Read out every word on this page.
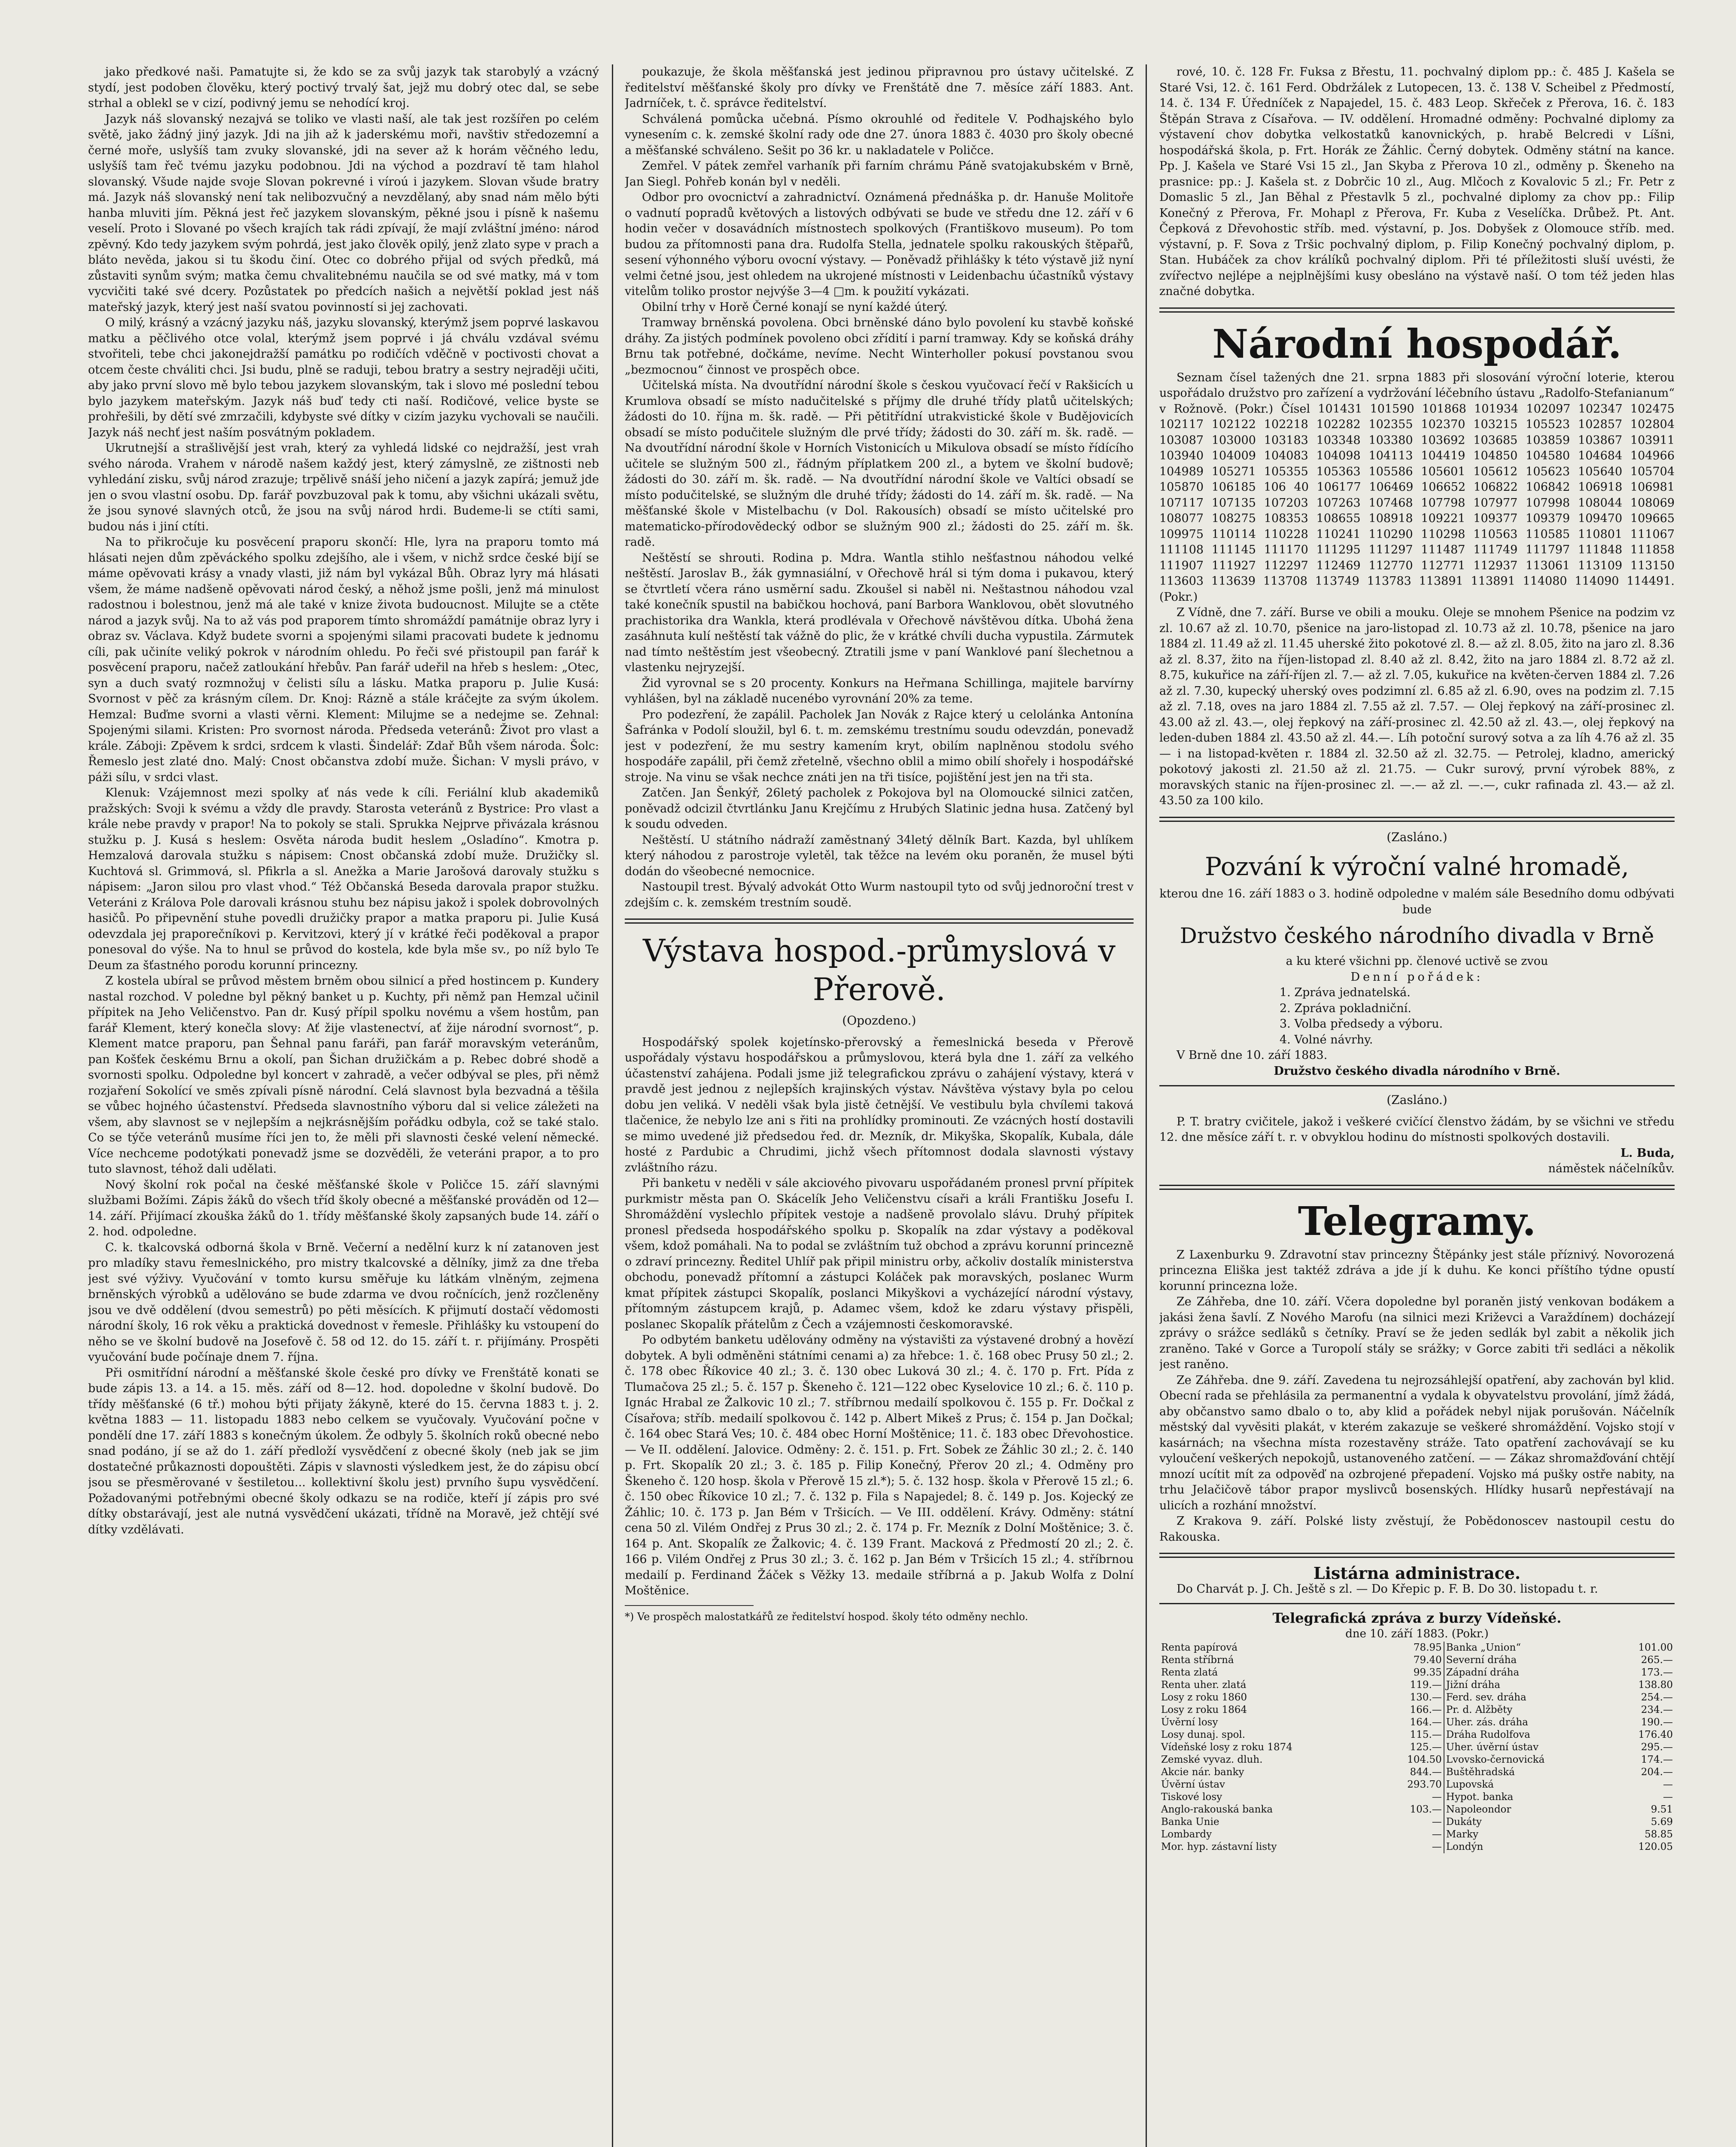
jako předkové naši. Pamatujte si, že kdo se za svůj jazyk tak starobylý a vzácný stydí, jest podoben člověku, který poctivý trvalý šat, jejž mu dobrý otec dal, se sebe strhal a oblekl se v cizí, podivný jemu se nehodící kroj.

Jazyk náš slovanský nezajvá se toliko ve vlasti naší, ale tak jest rozšířen po celém světě, jako žádný jiný jazyk. Jdi na jih až k jaderskému moři, navštiv středozemní a černé moře, uslyšíš tam zvuky slovanské, jdi na sever až k horám věčného ledu, uslyšíš tam řeč tvému jazyku podobnou. Jdi na východ a pozdraví tě tam hlahol slovanský. Všude najde svoje Slovan pokrevné i víroú i jazykem. Slovan všude bratry má. Jazyk náš slovanský není tak nelibozvučný a nevzdělaný, aby snad nám mělo býti hanba mluviti jím. Pěkná jest řeč jazykem slovanským, pěkné jsou i písně k našemu veselí. Proto i Slované po všech krajích tak rádi zpívají, že mají zvláštní jméno: národ zpěvný. Kdo tedy jazykem svým pohrdá, jest jako člověk opilý, jenž zlato sype v prach a bláto nevěda, jakou si tu škodu činí. Otec co dobrého přijal od svých předků, má zůstaviti synům svým; matka čemu chvalitebnému naučila se od své matky, má v tom vycvičiti také své dcery. Pozůstatek po předcích našich a největší poklad jest náš mateřský jazyk, který jest naší svatou povinností si jej zachovati.

O milý, krásný a vzácný jazyku náš, jazyku slovanský, kterýmž jsem poprvé laskavou matku a pěčlivého otce volal, kterýmž jsem poprvé i já chválu vzdával svému stvořiteli, tebe chci jakonejdražší památku po rodičích vděčně v poctivosti chovat a otcem česte chváliti chci. Jsi budu, plně se raduji, tebou bratry a sestry nejraději učiti, aby jako první slovo mě bylo tebou jazykem slovanským, tak i slovo mé poslední tebou bylo jazykem mateřským. Jazyk náš buď tedy cti naší. Rodičové, velice byste se prohřešili, by dětí své zmrzačili, kdybyste své dítky v cizím jazyku vychovali se naučili. Jazyk náš nechť jest naším posvátným pokladem.

Ukrutnejší a strašlivější jest vrah, který za vyhledá lidské co nejdražší, jest vrah svého národa. Vrahem v národě našem každý jest, který zámyslně, ze zištnosti neb vyhledání zisku, svůj národ zrazuje; trpělivě snáší jeho ničení a jazyk zapírá; jemuž jde jen o svou vlastní osobu. Dp. farář povzbuzoval pak k tomu, aby všichni ukázali světu, že jsou synové slavných otců, že jsou na svůj národ hrdi. Budeme-li se ctíti sami, budou nás i jiní ctíti.

Na to přikročuje ku posvěcení praporu skončí: Hle, lyra na praporu tomto má hlásati nejen dům zpěváckého spolku zdejšího, ale i všem, v nichž srdce české bijí se máme opěvovati krásy a vnady vlasti, již nám byl vykázal Bůh. Obraz lyry má hlásati všem, že máme nadšeně opěvovati národ český, a něhož jsme pošli, jenž má minulost radostnou i bolestnou, jenž má ale také v knize života budoucnost. Milujte se a ctěte národ a jazyk svůj. Na to až vás pod praporem tímto shromáždí památnije obraz lyry i obraz sv. Václava. Když budete svorni a spojenými silami pracovati budete k jednomu cíli, pak učiníte veliký pokrok v národním ohledu. Po řeči své přistoupil pan farář k posvěcení praporu, načež zatloukání hřebův. Pan farář udeřil na hřeb s heslem: „Otec, syn a duch svatý rozmnožuj v čelisti sílu a lásku. Matka praporu p. Julie Kusá: Svornost v pěč za krásným cílem. Dr. Knoj: Rázně a stále kráčejte za svým úkolem. Hemzal: Buďme svorni a vlasti věrni. Klement: Milujme se a nedejme se. Zehnal: Spojenými silami. Kristen: Pro svornost národa. Předseda veteránů: Život pro vlast a krále. Záboji: Zpěvem k srdci, srdcem k vlasti. Šindelář: Zdař Bůh všem národa. Šolc: Řemeslo jest zlaté dno. Malý: Cnost občanstva zdobí muže. Šichan: V mysli právo, v páži sílu, v srdci vlast.

Klenuk: Vzájemnost mezi spolky ať nás vede k cíli. Feriální klub akademiků pražských: Svoji k svému a vždy dle pravdy. Starosta veteránů z Bystrice: Pro vlast a krále nebe pravdy v prapor! Na to pokoly se stali. Sprukka Nejprve přivázala krásnou stužku p. J. Kusá s heslem: Osvěta národa budit heslem „Osladíno“. Kmotra p. Hemzalová darovala stužku s nápisem: Cnost občanská zdobí muže. Družičky sl. Kuchtová sl. Grimmová, sl. Pfikrla a sl. Anežka a Marie Jarošová darovaly stužku s nápisem: „Jaron silou pro vlast vhod.“ Též Občanská Beseda darovala prapor stužku. Veteráni z Králova Pole darovali krásnou stuhu bez nápisu jakož i spolek dobrovolných hasičů. Po připevnění stuhe povedli družičky prapor a matka praporu pi. Julie Kusá odevzdala jej praporečníkovi p. Kervitzovi, který jí v krátké řeči poděkoval a prapor ponesoval do výše. Na to hnul se průvod do kostela, kde byla mše sv., po níž bylo Te Deum za šťastného porodu korunní princezny.

Z kostela ubíral se průvod městem brněm obou silnicí a před hostincem p. Kundery nastal rozchod. V poledne byl pěkný banket u p. Kuchty, při němž pan Hemzal učinil přípitek na Jeho Veličenstvo. Pan dr. Kusý přípil spolku novému a všem hostům, pan farář Klement, který konečla slovy: Ať žije vlastenectví, ať žije národní svornost“, p. Klement matce praporu, pan Šehnal panu faráři, pan farář moravským veteránům, pan Košťek českému Brnu a okolí, pan Šichan družičkám a p. Rebec dobré shodě a svornosti spolku. Odpoledne byl koncert v zahradě, a večer odbýval se ples, při němž rozjaření Sokolící ve směs zpívali písně národní. Celá slavnost byla bezvadná a těšila se vůbec hojného účastenství. Předseda slavnostního výboru dal si velice záležeti na všem, aby slavnost se v nejlepším a nejkrásnějším pořádku odbyla, což se také stalo. Co se týče veteránů musíme říci jen to, že měli při slavnosti české velení německé. Více nechceme podotýkati ponevadž jsme se dozvěděli, že veteráni prapor, a to pro tuto slavnost, téhož dali udělati.

Nový školní rok počal na české měšťanské škole v Poličce 15. září slavnými službami Božími. Zápis žáků do všech tříd školy obecné a měšťanské prováděn od 12—14. září. Přijímací zkouška žáků do 1. třídy měšťanské školy zapsaných bude 14. září o 2. hod. odpoledne.

C. k. tkalcovská odborná škola v Brně. Večerní a nedělní kurz k ní zatanoven jest pro mladíky stavu řemeslnického, pro mistry tkalcovské a dělníky, jimž za dne třeba jest své výživy. Vyučování v tomto kursu směřuje ku látkám vlněným, zejmena brněnských výrobků a udělováno se bude zdarma ve dvou ročnících, jenž rozčleněny jsou ve dvě oddělení (dvou semestrů) po pěti měsících. K přijmutí dostačí vědomosti národní školy, 16 rok věku a praktická dovednost v řemesle. Přihlášky ku vstoupení do něho se ve školní budově na Josefově č. 58 od 12. do 15. září t. r. přijímány. Prospěti vyučování bude počínaje dnem 7. října.

Při osmitřídní národní a měšťanské škole české pro dívky ve Frenštátě konati se bude zápis 13. a 14. a 15. měs. září od 8—12. hod. dopoledne v školní budově. Do třídy měšťanské (6 tř.) mohou býti přijaty žákyně, které do 15. června 1883 t. j. 2. května 1883 — 11. listopadu 1883 nebo celkem se vyučovaly. Vyučování počne v pondělí dne 17. září 1883 s konečným úkolem. Že odbyly 5. školních roků obecné nebo snad podáno, jí se až do 1. září předloží vysvědčení z obecné školy (neb jak se jim dostatečné průkaznosti dopouštěti. Zápis v slavnosti výsledkem jest, že do zápisu obcí jsou se přesměrované v šestiletou... kollektivní školu jest) prvního šupu vysvědčení. Požadovanými potřebnými obecné školy odkazu se na rodiče, kteří jí zápis pro své dítky obstarávají, jest ale nutná vysvědčení ukázati, třídně na Moravě, jež chtějí své dítky vzdělávati.

poukazuje, že škola měšťanská jest jedinou připravnou pro ústavy učitelské. Z ředitelství měšťanské školy pro dívky ve Frenštátě dne 7. měsíce září 1883. Ant. Jadrníček, t. č. správce ředitelství.

Schválená pomůcka učebná. Písmo okrouhlé od ředitele V. Podhajského bylo vynesením c. k. zemské školní rady ode dne 27. února 1883 č. 4030 pro školy obecné a měšťanské schváleno. Sešit po 36 kr. u nakladatele v Poličce.

Zemřel. V pátek zemřel varhaník při farním chrámu Páně svatojakubském v Brně, Jan Siegl. Pohřeb konán byl v neděli.

Odbor pro ovocnictví a zahradnictví. Oznámená přednáška p. dr. Hanuše Molitoře o vadnutí popradů květových a listových odbývati se bude ve středu dne 12. září v 6 hodin večer v dosavádních místnostech spolkových (Františkovo museum). Po tom budou za přítomnosti pana dra. Rudolfa Stella, jednatele spolku rakouských štěpařů, sesení výhonného výboru ovocní výstavy. — Poněvadž přihlášky k této výstavě již nyní velmi četné jsou, jest ohledem na ukrojené místnosti v Leidenbachu účastníků výstavy vitelům toliko prostor nejvýše 3—4 □m. k použití vykázati.

Obilní trhy v Horě Černé konají se nyní každé úterý.

Tramway brněnská povolena. Obci brněnské dáno bylo povolení ku stavbě koňské dráhy. Za jistých podmínek povoleno obci zřídití i parní tramway. Kdy se koňská dráhy Brnu tak potřebné, dočkáme, nevíme. Necht Winterholler pokusí povstanou svou „bezmocnou“ činnost ve prospěch obce.

Učitelská místa. Na dvoutřídní národní škole s českou vyučovací řečí v Rakšicích u Krumlova obsadí se místo nadučitelské s příjmy dle druhé třídy platů učitelských; žádosti do 10. října m. šk. radě. — Při pětitřídní utrakvistické škole v Budějovicích obsadí se místo podučitele služným dle prvé třídy; žádosti do 30. září m. šk. radě. — Na dvoutřídní národní škole v Horních Vistonicích u Mikulova obsadí se místo řídícího učitele se služným 500 zl., řádným příplatkem 200 zl., a bytem ve školní budově; žádosti do 30. září m. šk. radě. — Na dvoutřídní národní škole ve Valtíci obsadí se místo podučitelské, se služným dle druhé třídy; žádosti do 14. září m. šk. radě. — Na měšťanské škole v Mistelbachu (v Dol. Rakousích) obsadí se místo učitelské pro matematicko-přírodovědecký odbor se služným 900 zl.; žádosti do 25. září m. šk. radě.

Neštěstí se shrouti. Rodina p. Mdra. Wantla stihlo nešťastnou náhodou velké neštěstí. Jaroslav B., žák gymnasiální, v Ořechově hrál si tým doma i pukavou, který se čtvrtletí včera ráno usměrní sadu. Zkoušel si naběl ni. Neštastnou náhodou vzal také konečník spustil na babičkou hochová, paní Barbora Wanklovou, obět slovutného prachistorika dra Wankla, která prodlévala v Ořechově návštěvou dítka. Ubohá žena zasáhnuta kulí neštěstí tak vážně do plic, že v krátké chvíli ducha vypustila. Zármutek nad tímto neštěstím jest všeobecný. Ztratili jsme v paní Wanklové paní šlechetnou a vlastenku nejryzejší.

Žid vyrovnal se s 20 procenty. Konkurs na Heřmana Schillinga, majitele barvírny vyhlášen, byl na základě nucenébo vyrovnání 20% za teme.

Pro podezření, že zapálil. Pacholek Jan Novák z Rajce který u celolánka Antonína Šafránka v Podolí sloužil, byl 6. t. m. zemskému trestnímu soudu odevzdán, ponevadž jest v podezření, že mu sestry kamením kryt, obilím naplněnou stodolu svého hospodáře zapálil, při čemž zřetelně, všechno oblil a mimo obilí shořely i hospodářské stroje. Na vinu se však nechce znáti jen na tři tisíce, pojištění jest jen na tři sta.

Zatčen. Jan Šenkýř, 26letý pacholek z Pokojova byl na Olomoucké silnici zatčen, poněvadž odcizil čtvrtlánku Janu Krejčímu z Hrubých Slatinic jedna husa. Zatčený byl k soudu odveden.

Neštěstí. U státního nádraží zaměstnaný 34letý dělník Bart. Kazda, byl uhlíkem který náhodou z parostroje vyletěl, tak těžce na levém oku poraněn, že musel býti dodán do všeobecné nemocnice.

Nastoupil trest. Bývalý advokát Otto Wurm nastoupil tyto od svůj jednoroční trest v zdejším c. k. zemském trestním soudě.

Výstava hospod.-průmyslová v Přerově.
(Opozdeno.)

Hospodářský spolek kojetínsko-přerovský a řemeslnická beseda v Přerově uspořádaly výstavu hospodářskou a průmyslovou, která byla dne 1. září za velkého účastenství zahájena. Podali jsme již telegrafickou zprávu o zahájení výstavy, která v pravdě jest jednou z nejlepších krajinských výstav. Návštěva výstavy byla po celou dobu jen veliká. V neděli však byla jistě četnější. Ve vestibulu byla chvílemi taková tlačenice, že nebylo lze ani s řiti na prohlídky prominouti. Ze vzácných hostí dostavili se mimo uvedené již předsedou řed. dr. Mezník, dr. Mikyška, Skopalík, Kubala, dále hosté z Pardubic a Chrudimi, jichž všech přítomnost dodala slavnosti výstavy zvláštního rázu.

Při banketu v neděli v sále akciového pivovaru uspořádaném pronesl první přípitek purkmistr města pan O. Skácelík Jeho Veličenstvu císaři a králi Františku Josefu I. Shromáždění vyslechlo přípitek vestoje a nadšeně provolalo slávu. Druhý přípitek pronesl předseda hospodářského spolku p. Skopalík na zdar výstavy a poděkoval všem, kdož pomáhali. Na to podal se zvláštním tuž obchod a zprávu korunní princezně o zdraví princezny. Ředitel Uhlíř pak připil ministru orby, ačkoliv dostalík ministerstva obchodu, ponevadž přítomní a zástupci Koláček pak moravských, poslanec Wurm kmat přípitek zástupci Skopalík, poslanci Mikyškovi a vycházející národní výstavy, přítomným zástupcem krajů, p. Adamec všem, kdož ke zdaru výstavy přispěli, poslanec Skopalík přátelům z Čech a vzájemnosti českomoravské.

Po odbytém banketu udělovány odměny na výstavišti za výstavené drobný a hovězí dobytek. A byli odměněni státními cenami a) za hřebce: 1. č. 168 obec Prusy 50 zl.; 2. č. 178 obec Říkovice 40 zl.; 3. č. 130 obec Luková 30 zl.; 4. č. 170 p. Frt. Pída z Tlumačova 25 zl.; 5. č. 157 p. Škeneho č. 121—122 obec Kyselovice 10 zl.; 6. č. 110 p. Ignác Hrabal ze Žalkovic 10 zl.; 7. stříbrnou medailí spolkovou č. 155 p. Fr. Dočkal z Císařova; stříb. medailí spolkovou č. 142 p. Albert Mikeš z Prus; č. 154 p. Jan Dočkal; č. 164 obec Stará Ves; 10. č. 484 obec Horní Moštěnice; 11. č. 183 obec Dřevohostice. — Ve II. oddělení. Jalovice. Odměny: 2. č. 151. p. Frt. Sobek ze Žáhlic 30 zl.; 2. č. 140 p. Frt. Skopalík 20 zl.; 3. č. 185 p. Filip Konečný, Přerov 20 zl.; 4. Odměny pro Škeneho č. 120 hosp. škola v Přerově 15 zl.*); 5. č. 132 hosp. škola v Přerově 15 zl.; 6. č. 150 obec Říkovice 10 zl.; 7. č. 132 p. Fila s Napajedel; 8. č. 149 p. Jos. Kojecký ze Žáhlic; 10. č. 173 p. Jan Bém v Tršicích. — Ve III. oddělení. Krávy. Odměny: státní cena 50 zl. Vilém Ondřej z Prus 30 zl.; 2. č. 174 p. Fr. Mezník z Dolní Moštěnice; 3. č. 164 p. Ant. Skopalík ze Žalkovic; 4. č. 139 Frant. Macková z Předmostí 20 zl.; 2. č. 166 p. Vilém Ondřej z Prus 30 zl.; 3. č. 162 p. Jan Bém v Tršicích 15 zl.; 4. stříbrnou medailí p. Ferdinand Žáček s Věžky 13. medaile stříbrná a p. Jakub Wolfa z Dolní Moštěnice.

*) Ve prospěch malostatkářů ze ředitelství hospod. školy této odměny nechlo.

rové, 10. č. 128 Fr. Fuksa z Břestu, 11. pochvalný diplom pp.: č. 485 J. Kašela se Staré Vsi, 12. č. 161 Ferd. Obdržálek z Lutopecen, 13. č. 138 V. Scheibel z Předmostí, 14. č. 134 F. Úředníček z Napajedel, 15. č. 483 Leop. Skřeček z Přerova, 16. č. 183 Štěpán Strava z Císařova. — IV. oddělení. Hromadné odměny: Pochvalné diplomy za výstavení chov dobytka velkostatků kanovnických, p. hrabě Belcredi v Líšni, hospodářská škola, p. Frt. Horák ze Žáhlic. Černý dobytek. Odměny státní na kance. Pp. J. Kašela ve Staré Vsi 15 zl., Jan Skyba z Přerova 10 zl., odměny p. Škeneho na prasnice: pp.: J. Kašela st. z Dobrčic 10 zl., Aug. Mlčoch z Kovalovic 5 zl.; Fr. Petr z Domaslic 5 zl., Jan Běhal z Přestavlk 5 zl., pochvalné diplomy za chov pp.: Filip Konečný z Přerova, Fr. Mohapl z Přerova, Fr. Kuba z Veselíčka. Drůbež. Pt. Ant. Čepková z Dřevohostic stříb. med. výstavní, p. Jos. Dobyšek z Olomouce stříb. med. výstavní, p. F. Sova z Tršic pochvalný diplom, p. Filip Konečný pochvalný diplom, p. Stan. Hubáček za chov králíků pochvalný diplom. Při té příležitosti sluší uvésti, že zvířectvo nejlépe a nejplnějšími kusy obesláno na výstavě naší. O tom též jeden hlas značné dobytka.

Národní hospodář.

Seznam čísel tažených dne 21. srpna 1883 při slosování výroční loterie, kterou uspořádalo družstvo pro zařízení a vydržování léčebního ústavu „Radolfo-Stefanianum“ v Rožnově. (Pokr.) Čísel 101431 101590 101868 101934 102097 102347 102475 102117 102122 102218 102282 102355 102370 103215 105523 102857 102804 103087 103000 103183 103348 103380 103692 103685 103859 103867 103911 103940 104009 104083 104098 104113 104419 104850 104580 104684 104966 104989 105271 105355 105363 105586 105601 105612 105623 105640 105704 105870 106185 106 40 106177 106469 106652 106822 106842 106918 106981 107117 107135 107203 107263 107468 107798 107977 107998 108044 108069 108077 108275 108353 108655 108918 109221 109377 109379 109470 109665 109975 110114 110228 110241 110290 110298 110563 110585 110801 111067 111108 111145 111170 111295 111297 111487 111749 111797 111848 111858 111907 111927 112297 112469 112770 112771 112937 113061 113109 113150 113603 113639 113708 113749 113783 113891 113891 114080 114090 114491. (Pokr.)

Z Vídně, dne 7. září. Burse ve obili a mouku. Oleje se mnohem Pšenice na podzim vz zl. 10.67 až zl. 10.70, pšenice na jaro-listopad zl. 10.73 až zl. 10.78, pšenice na jaro 1884 zl. 11.49 až zl. 11.45 uherské žito pokotové zl. 8.— až zl. 8.05, žito na jaro zl. 8.36 až zl. 8.37, žito na říjen-listopad zl. 8.40 až zl. 8.42, žito na jaro 1884 zl. 8.72 až zl. 8.75, kukuřice na září-říjen zl. 7.— až zl. 7.05, kukuřice na květen-červen 1884 zl. 7.26 až zl. 7.30, kupecký uherský oves podzimní zl. 6.85 až zl. 6.90, oves na podzim zl. 7.15 až zl. 7.18, oves na jaro 1884 zl. 7.55 až zl. 7.57. — Olej řepkový na září-prosinec zl. 43.00 až zl. 43.—, olej řepkový na září-prosinec zl. 42.50 až zl. 43.—, olej řepkový na leden-duben 1884 zl. 43.50 až zl. 44.—. Líh potoční surový sotva a za líh 4.76 až zl. 35— i na listopad-květen r. 1884 zl. 32.50 až zl. 32.75. — Petrolej, kladno, americký pokotový jakosti zl. 21.50 až zl. 21.75. — Cukr surový, první výrobek 88%, z moravských stanic na říjen-prosinec zl. —.— až zl. —.—, cukr rafinada zl. 43.— až zl. 43.50 za 100 kilo.

(Zasláno.)
Pozvání k výroční valné hromadě,

kterou dne 16. září 1883 o 3. hodině odpoledne v malém sále Besedního domu odbývati bude

Družstvo českého národního divadla v Brně

a ku které všichni pp. členové uctivě se zvou

Denní pořádek:

1. Zpráva jednatelská.

2. Zpráva pokladniční.

3. Volba předsedy a výboru.

4. Volné návrhy.

V Brně dne 10. září 1883.

Družstvo českého divadla národního v Brně.

(Zasláno.)

P. T. bratry cvičitele, jakož i veškeré cvičící členstvo žádám, by se všichni ve středu 12. dne měsíce září t. r. v obvyklou hodinu do místnosti spolkových dostavili.

L. Buda,

náměstek náčelníkův.

Telegramy.

Z Laxenburku 9. Zdravotní stav princezny Štěpánky jest stále příznivý. Novorozená princezna Eliška jest taktéž zdráva a jde jí k duhu. Ke konci příštího týdne opustí korunní princezna lože.

Ze Záhřeba, dne 10. září. Včera dopoledne byl poraněn jistý venkovan bodákem a jakási žena šavlí. Z Nového Marofu (na silnici mezi Križevci a Varaždínem) docházejí zprávy o srážce sedláků s četníky. Praví se že jeden sedlák byl zabit a několik jich zraněno. Také v Gorce a Turopolí stály se srážky; v Gorce zabiti tři sedláci a několik jest raněno.

Ze Záhřeba. dne 9. září. Zavedena tu nejrozsáhlejší opatření, aby zachován byl klid. Obecní rada se přehlásila za permanentní a vydala k obyvatelstvu provolání, jímž žádá, aby občanstvo samo dbalo o to, aby klid a pořádek nebyl nijak porušován. Náčelník městský dal vyvěsiti plakát, v kterém zakazuje se veškeré shromáždění. Vojsko stojí v kasárnách; na všechna místa rozestavěny stráže. Tato opatření zachovávají se ku vyloučení veškerých nepokojů, ustanoveného zatčení. — — Zákaz shromažďování chtějí mnozí ucítit mít za odpověď na ozbrojené přepadení. Vojsko má pušky ostře nabity, na trhu Jelačičově tábor prapor myslivců bosenských. Hlídky husarů nepřestávají na ulicích a rozhání množství.

Z Krakova 9. září. Polské listy zvěstují, že Pobědonoscev nastoupil cestu do Rakouska.

Listárna administrace.

Do Charvát p. J. Ch. Ještě s zl. — Do Křepic p. F. B. Do 30. listopadu t. r.

Telegrafická zpráva z burzy Vídeňské.
dne 10. září 1883. (Pokr.)
Renta papírová	78.95	Banka „Union“	101.00
Renta stříbrná	79.40	Severní dráha	265.—
Renta zlatá	99.35	Západní dráha	173.—
Renta uher. zlatá	119.—	Jižní dráha	138.80
Losy z roku 1860	130.—	Ferd. sev. dráha	254.—
Losy z roku 1864	166.—	Pr. d. Alžběty	234.—
Úvěrní losy	164.—	Uher. zás. dráha	190.—
Losy dunaj. spol.	115.—	Dráha Rudolfova	176.40
Vídeňské losy z roku 1874	125.—	Uher. úvěrní ústav	295.—
Zemské vyvaz. dluh.	104.50	Lvovsko-černovická	174.—
Akcie nár. banky	844.—	Buštěhradská	204.—
Úvěrní ústav	293.70	Lupovská	—
Tiskové losy	—	Hypot. banka	—
Anglo-rakouská banka	103.—	Napoleondor	9.51
Banka Unie	—	Dukáty	5.69
Lombardy	—	Marky	58.85
Mor. hyp. zástavní listy	—	Londýn	120.05
